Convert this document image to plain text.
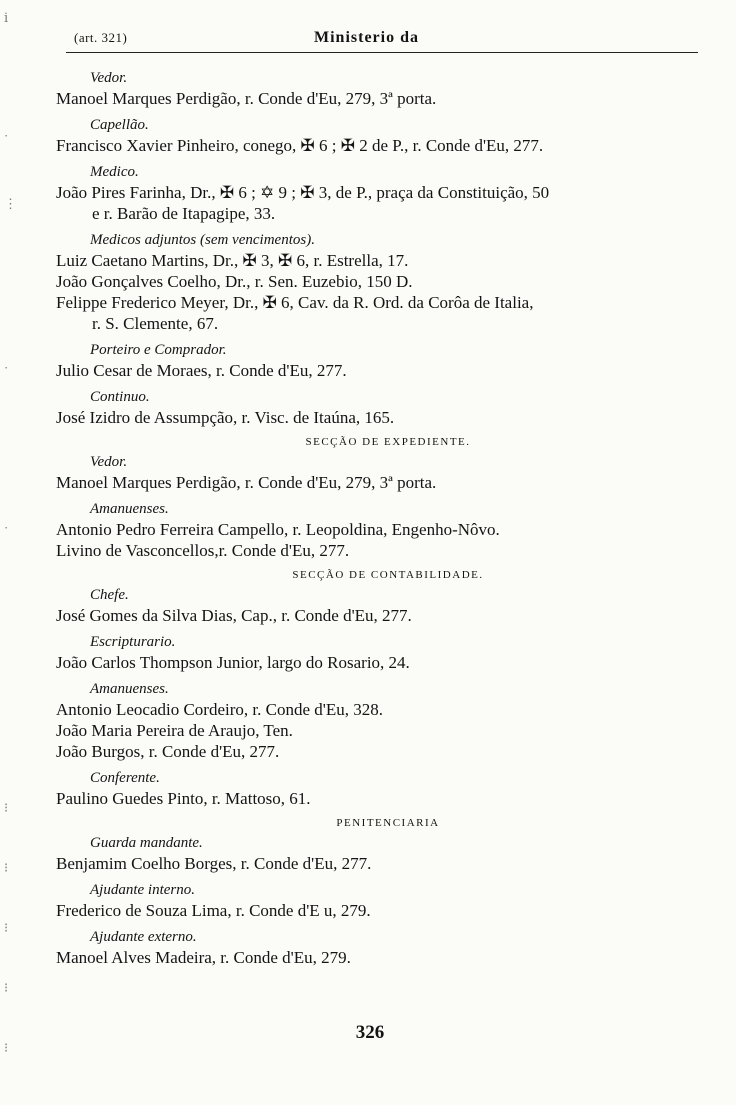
ⅰ
·
⋮
·
·
⁝
⁝
⁝
⁝
⁝
(art. 321)	Ministerio da
Vedor.
Manoel Marques Perdigão, r. Conde d'Eu, 279, 3ª porta.
Capellão.
Francisco Xavier Pinheiro, conego, ✠ 6 ; ✠ 2 de P., r. Conde d'Eu, 277.
Medico.
João Pires Farinha, Dr., ✠ 6 ; ✡ 9 ; ✠ 3, de P., praça da Constituição, 50
e r. Barão de Itapagipe, 33.
Medicos adjuntos (sem vencimentos).
Luiz Caetano Martins, Dr., ✠ 3, ✠ 6, r. Estrella, 17.
João Gonçalves Coelho, Dr., r. Sen. Euzebio, 150 D.
Felippe Frederico Meyer, Dr., ✠ 6, Cav. da R. Ord. da Corôa de Italia,
r. S. Clemente, 67.
Porteiro e Comprador.
Julio Cesar de Moraes, r. Conde d'Eu, 277.
Continuo.
José Izidro de Assumpção, r. Visc. de Itaúna, 165.
SECÇÃO DE EXPEDIENTE.
Vedor.
Manoel Marques Perdigão, r. Conde d'Eu, 279, 3ª porta.
Amanuenses.
Antonio Pedro Ferreira Campello, r. Leopoldina, Engenho-Nôvo.
Livino de Vasconcellos,r. Conde d'Eu, 277.
SECÇÃO DE CONTABILIDADE.
Chefe.
José Gomes da Silva Dias, Cap., r. Conde d'Eu, 277.
Escripturario.
João Carlos Thompson Junior, largo do Rosario, 24.
Amanuenses.
Antonio Leocadio Cordeiro, r. Conde d'Eu, 328.
João Maria Pereira de Araujo, Ten.
João Burgos, r. Conde d'Eu, 277.
Conferente.
Paulino Guedes Pinto, r. Mattoso, 61.
PENITENCIARIA
Guarda mandante.
Benjamim Coelho Borges, r. Conde d'Eu, 277.
Ajudante interno.
Frederico de Souza Lima, r. Conde d'E u, 279.
Ajudante externo.
Manoel Alves Madeira, r. Conde d'Eu, 279.
326
